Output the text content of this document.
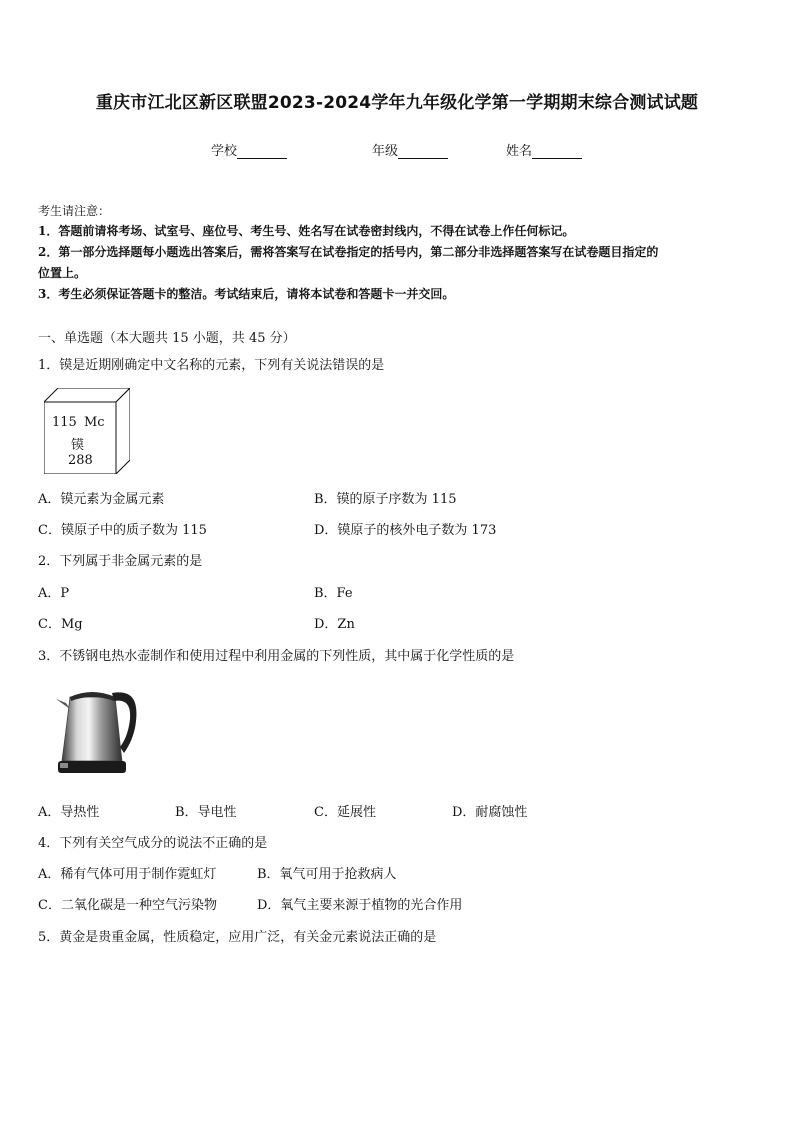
重庆市江北区新区联盟2023-2024学年九年级化学第一学期期末综合测试试题
学校	年级	姓名
考生请注意：
1．答题前请将考场、试室号、座位号、考生号、姓名写在试卷密封线内，不得在试卷上作任何标记。
2．第一部分选择题每小题选出答案后，需将答案写在试卷指定的括号内，第二部分非选择题答案写在试卷题目指定的
位置上。
3．考生必须保证答题卡的整洁。考试结束后，请将本试卷和答题卡一并交回。
一、单选题（本大题共 15 小题，共 45 分）
1．镆是近期刚确定中文名称的元素，下列有关说法错误的是
115 Mc
镆
288
A．镆元素为金属元素	B．镆的原子序数为 115
C．镆原子中的质子数为 115	D．镆原子的核外电子数为 173
2．下列属于非金属元素的是
A．P	B．Fe
C．Mg	D．Zn
3．不锈钢电热水壶制作和使用过程中利用金属的下列性质，其中属于化学性质的是
A．导热性	B．导电性	C．延展性	D．耐腐蚀性
4．下列有关空气成分的说法不正确的是
A．稀有气体可用于制作霓虹灯	B．氧气可用于抢救病人
C．二氧化碳是一种空气污染物	D．氧气主要来源于植物的光合作用
5．黄金是贵重金属，性质稳定，应用广泛，有关金元素说法正确的是
